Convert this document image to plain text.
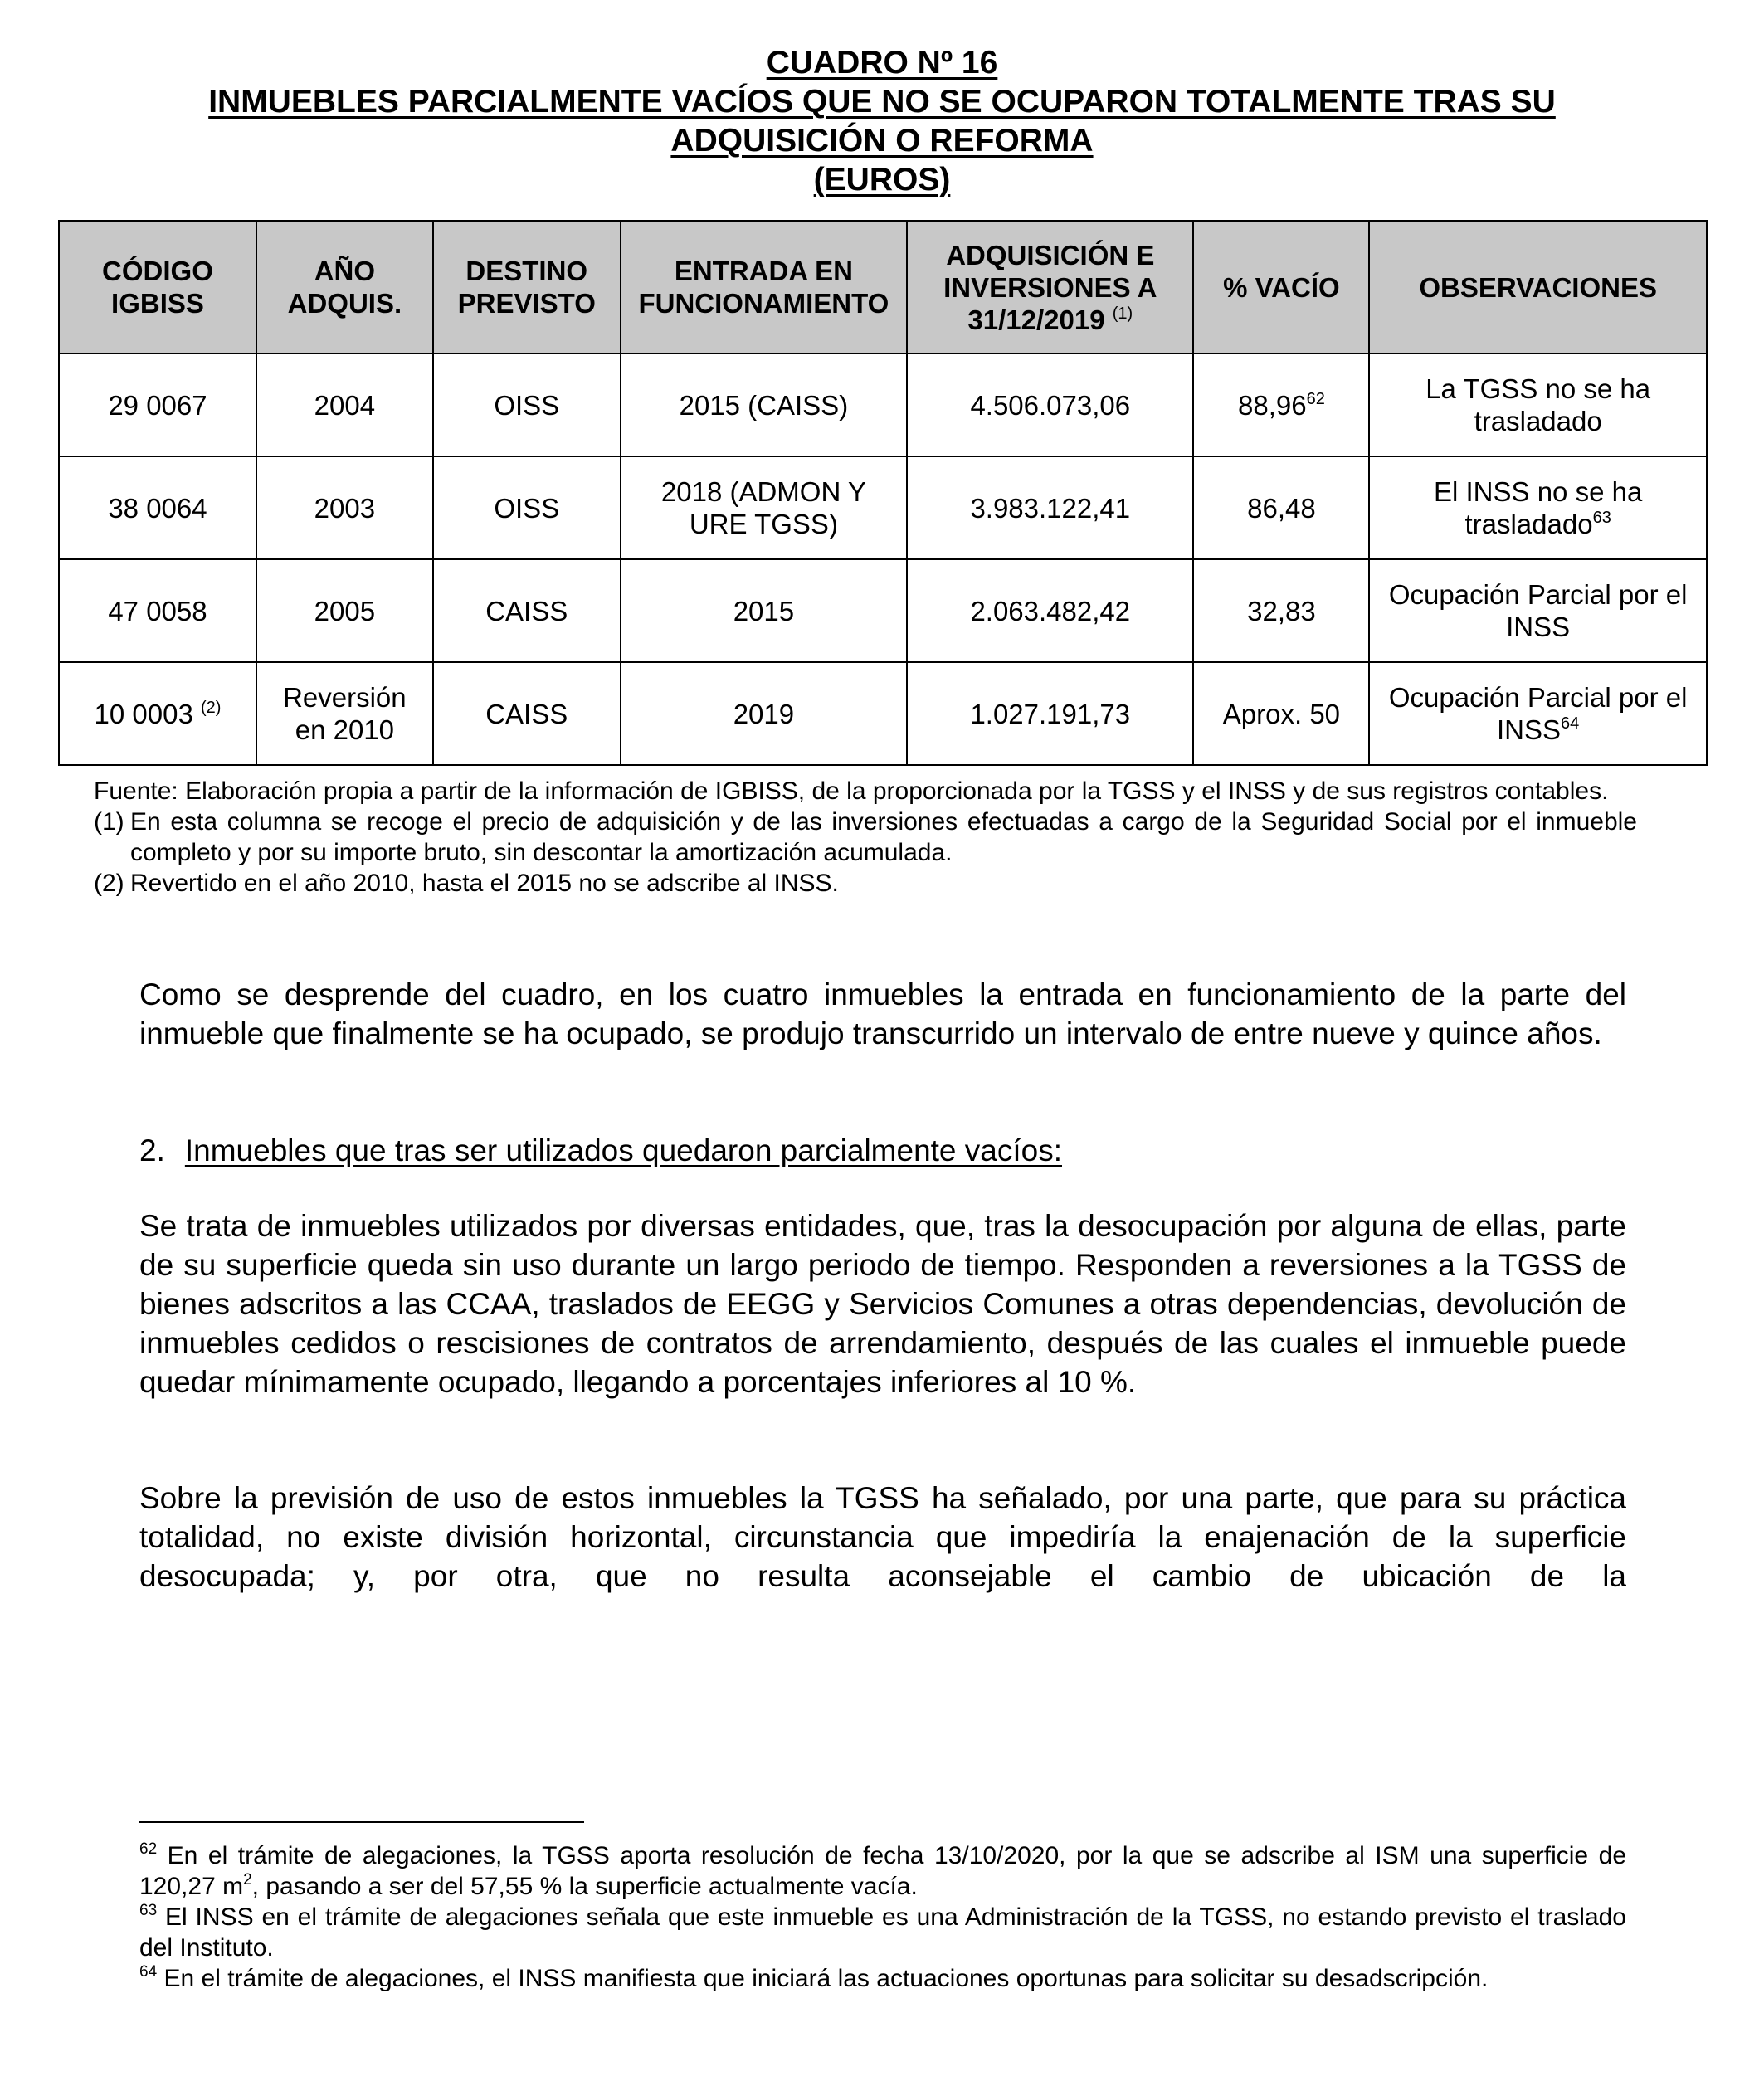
CUADRO Nº 16
INMUEBLES PARCIALMENTE VACÍOS QUE NO SE OCUPARON TOTALMENTE TRAS SU
ADQUISICIÓN O REFORMA
(EUROS)
CÓDIGO IGBISS	AÑO ADQUIS.	DESTINO PREVISTO	ENTRADA EN FUNCIONAMIENTO	ADQUISICIÓN E INVERSIONES A 31/12/2019 $^{(1)}$	% VACÍO	OBSERVACIONES
29 0067	2004	OISS	2015 (CAISS)	4.506.073,06	88,96$^{62}$	La TGSS no se ha trasladado
38 0064	2003	OISS	2018 (ADMON Y URE TGSS)	3.983.122,41	86,48	El INSS no se ha trasladado$^{63}$

47 0058	2005	CAISS	2015	2.063.482,42	32,83	Ocupación Parcial por el INSS
10 0003 $^{(2)}$	Reversión en 2010	CAISS	2019	1.027.191,73	Aprox. 50	Ocupación Parcial por el INSS$^{64}$
Fuente: Elaboración propia a partir de la información de IGBISS, de la proporcionada por la TGSS y el INSS y de sus registros contables.
(1) En esta columna se recoge el precio de adquisición y de las inversiones efectuadas a cargo de la Seguridad Social por el inmueble completo y por su importe bruto, sin descontar la amortización acumulada.
(2) Revertido en el año 2010, hasta el 2015 no se adscribe al INSS.
Como se desprende del cuadro, en los cuatro inmuebles la entrada en funcionamiento de la parte del inmueble que finalmente se ha ocupado, se produjo transcurrido un intervalo de entre nueve y quince años.
2. Inmuebles que tras ser utilizados quedaron parcialmente vacíos:
Se trata de inmuebles utilizados por diversas entidades, que, tras la desocupación por alguna de ellas, parte de su superficie queda sin uso durante un largo periodo de tiempo. Responden a reversiones a la TGSS de bienes adscritos a las CCAA, traslados de EEGG y Servicios Comunes a otras dependencias, devolución de inmuebles cedidos o rescisiones de contratos de arrendamiento, después de las cuales el inmueble puede quedar mínimamente ocupado, llegando a porcentajes inferiores al 10 %.
Sobre la previsión de uso de estos inmuebles la TGSS ha señalado, por una parte, que para su práctica totalidad, no existe división horizontal, circunstancia que impediría la enajenación de la superficie desocupada; y, por otra, que no resulta aconsejable el cambio de ubicación de la

$^{62}$ En el trámite de alegaciones, la TGSS aporta resolución de fecha 13/10/2020, por la que se adscribe al ISM una superficie de 120,27 $m^2$, pasando a ser del 57,55 % la superficie actualmente vacía.

$^{63}$ El INSS en el trámite de alegaciones señala que este inmueble es una Administración de la TGSS, no estando previsto el traslado del Instituto.

$^{64}$ En el trámite de alegaciones, el INSS manifiesta que iniciará las actuaciones oportunas para solicitar su desadscripción.
